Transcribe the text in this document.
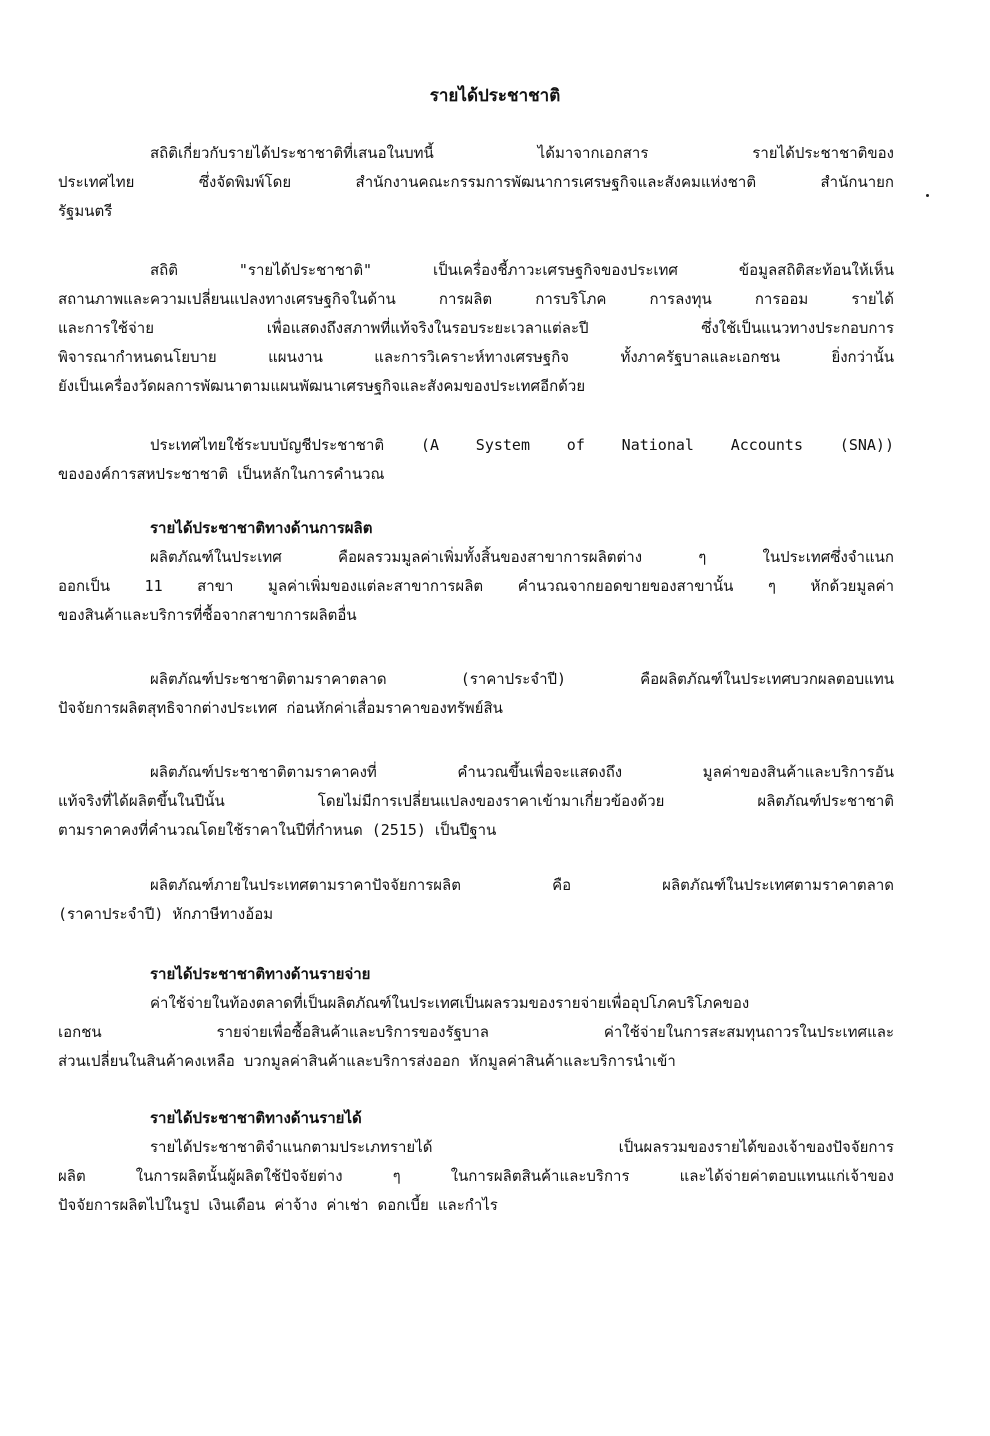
รายได้ประชาชาติ
สถิติเกี่ยวกับรายได้ประชาชาติที่เสนอในบทนี้ ได้มาจากเอกสาร รายได้ประชาชาติของ
ประเทศไทย ซึ่งจัดพิมพ์โดย สำนักงานคณะกรรมการพัฒนาการเศรษฐกิจและสังคมแห่งชาติ สำนักนายก
รัฐมนตรี
สถิติ "รายได้ประชาชาติ" เป็นเครื่องชี้ภาวะเศรษฐกิจของประเทศ ข้อมูลสถิติสะท้อนให้เห็น
สถานภาพและความเปลี่ยนแปลงทางเศรษฐกิจในด้าน การผลิต การบริโภค การลงทุน การออม รายได้
และการใช้จ่าย เพื่อแสดงถึงสภาพที่แท้จริงในรอบระยะเวลาแต่ละปี ซึ่งใช้เป็นแนวทางประกอบการ
พิจารณากำหนดนโยบาย แผนงาน และการวิเคราะห์ทางเศรษฐกิจ ทั้งภาครัฐบาลและเอกชน ยิ่งกว่านั้น
ยังเป็นเครื่องวัดผลการพัฒนาตามแผนพัฒนาเศรษฐกิจและสังคมของประเทศอีกด้วย
ประเทศไทยใช้ระบบบัญชีประชาชาติ (A System of National Accounts (SNA))
ขององค์การสหประชาชาติ เป็นหลักในการคำนวณ
รายได้ประชาชาติทางด้านการผลิต
ผลิตภัณฑ์ในประเทศ คือผลรวมมูลค่าเพิ่มทั้งสิ้นของสาขาการผลิตต่าง ๆ ในประเทศซึ่งจำแนก
ออกเป็น 11 สาขา มูลค่าเพิ่มของแต่ละสาขาการผลิต คำนวณจากยอดขายของสาขานั้น ๆ หักด้วยมูลค่า
ของสินค้าและบริการที่ซื้อจากสาขาการผลิตอื่น
ผลิตภัณฑ์ประชาชาติตามราคาตลาด (ราคาประจำปี) คือผลิตภัณฑ์ในประเทศบวกผลตอบแทน
ปัจจัยการผลิตสุทธิจากต่างประเทศ ก่อนหักค่าเสื่อมราคาของทรัพย์สิน
ผลิตภัณฑ์ประชาชาติตามราคาคงที่ คำนวณขึ้นเพื่อจะแสดงถึง มูลค่าของสินค้าและบริการอัน
แท้จริงที่ได้ผลิตขึ้นในปีนั้น โดยไม่มีการเปลี่ยนแปลงของราคาเข้ามาเกี่ยวข้องด้วย ผลิตภัณฑ์ประชาชาติ
ตามราคาคงที่คำนวณโดยใช้ราคาในปีที่กำหนด (2515) เป็นปีฐาน
ผลิตภัณฑ์ภายในประเทศตามราคาปัจจัยการผลิต คือ ผลิตภัณฑ์ในประเทศตามราคาตลาด
(ราคาประจำปี) หักภาษีทางอ้อม
รายได้ประชาชาติทางด้านรายจ่าย
ค่าใช้จ่ายในท้องตลาดที่เป็นผลิตภัณฑ์ในประเทศเป็นผลรวมของรายจ่ายเพื่ออุปโภคบริโภคของ
เอกชน รายจ่ายเพื่อซื้อสินค้าและบริการของรัฐบาล ค่าใช้จ่ายในการสะสมทุนถาวรในประเทศและ
ส่วนเปลี่ยนในสินค้าคงเหลือ บวกมูลค่าสินค้าและบริการส่งออก หักมูลค่าสินค้าและบริการนำเข้า
รายได้ประชาชาติทางด้านรายได้
รายได้ประชาชาติจำแนกตามประเภทรายได้ เป็นผลรวมของรายได้ของเจ้าของปัจจัยการ
ผลิต ในการผลิตนั้นผู้ผลิตใช้ปัจจัยต่าง ๆ ในการผลิตสินค้าและบริการ และได้จ่ายค่าตอบแทนแก่เจ้าของ
ปัจจัยการผลิตไปในรูป เงินเดือน ค่าจ้าง ค่าเช่า ดอกเบี้ย และกำไร
